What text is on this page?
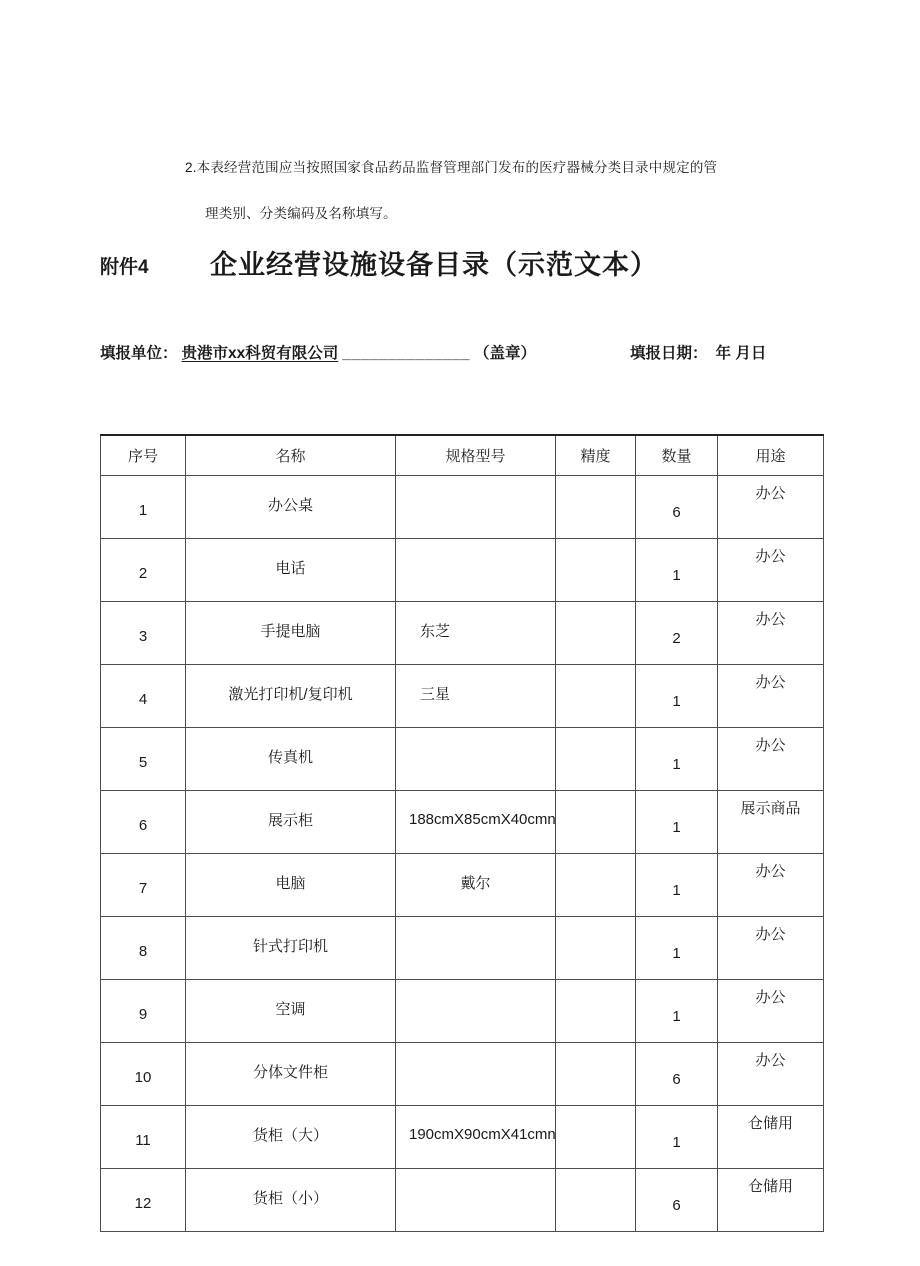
2.本表经营范围应当按照国家食品药品监督管理部门发布的医疗器械分类目录中规定的管
理类别、分类编码及名称填写。
附件4 企业经营设施设备目录（示范文本）
填报单位： 贵港市xx科贸有限公司 ______________ （盖章）	填报日期： 年 月日
序号	名称	规格型号	精度	数量	用途
1	办公桌			6	办公
2	电话			1	办公
3	手提电脑	东芝		2	办公
4	激光打印机/复印机	三星		1	办公
5	传真机			1	办公
6	展示柜	188cmX85cmX40cmn		1	展示商品
7	电脑	戴尔		1	办公
8	针式打印机			1	办公
9	空调			1	办公
10	分体文件柜			6	办公
11	货柜（大）	190cmX90cmX41cmn		1	仓储用
12	货柜（小）			6	仓储用
